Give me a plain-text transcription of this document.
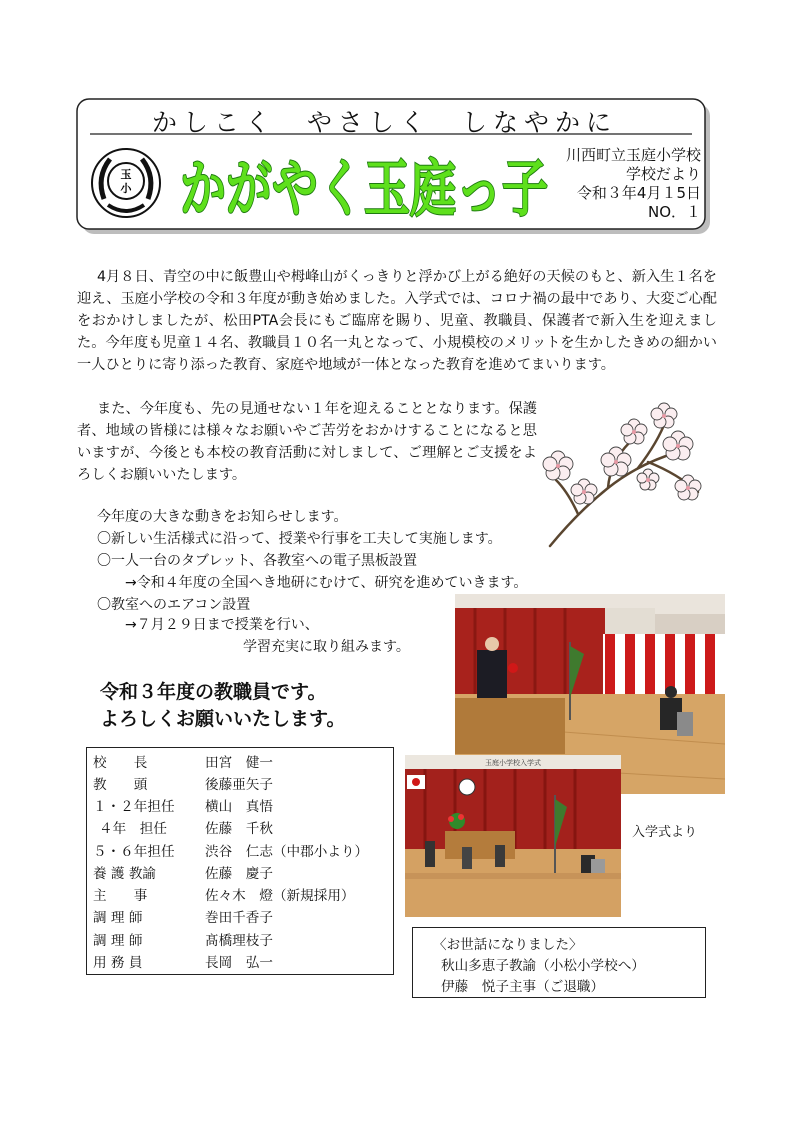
かしこく　やさしく　しなやかに
玉
小 かがやく玉庭っ子 川西町立玉庭小学校
学校だより
令和３年4月１5日
NO．１
4月８日、青空の中に飯豊山や栂峰山がくっきりと浮かび上がる絶好の天候のもと、新入生１名を迎え、玉庭小学校の令和３年度が動き始めました。入学式では、コロナ禍の最中であり、大変ご心配をおかけしましたが、松田PTA会長にもご臨席を賜り、児童、教職員、保護者で新入生を迎えました。今年度も児童１４名、教職員１０名一丸となって、小規模校のメリットを生かしたきめの細かい一人ひとりに寄り添った教育、家庭や地域が一体となった教育を進めてまいります。
また、今年度も、先の見通せない１年を迎えることとなります。保護者、地域の皆様には様々なお願いやご苦労をおかけすることになると思いますが、今後とも本校の教育活動に対しまして、ご理解とご支援をよろしくお願いいたします。
今年度の大きな動きをお知らせします。
〇新しい生活様式に沿って、授業や行事を工夫して実施します。
〇一人一台のタブレット、各教室への電子黒板設置
→令和４年度の全国へき地研にむけて、研究を進めていきます。
〇教室へのエアコン設置
→７月２９日まで授業を行い、
学習充実に取り組みます。
令和３年度の教職員です。
よろしくお願いいたします。
校　　長	田宮　健一
教　　頭	後藤亜矢子
１・２年担任 横山　真悟
４年　担任	佐藤　千秋
５・６年担任 渋谷　仁志（中郡小より）
養 護 教諭	佐藤　慶子
主　　事	佐々木　燈（新規採用）
調 理 師	巻田千香子
調 理 師	髙橋理枝子
用 務 員	長岡　弘一
玉庭小学校入学式
入学式より
〈お世話になりました〉
秋山多恵子教諭（小松小学校へ）
伊藤　悦子主事（ご退職）
